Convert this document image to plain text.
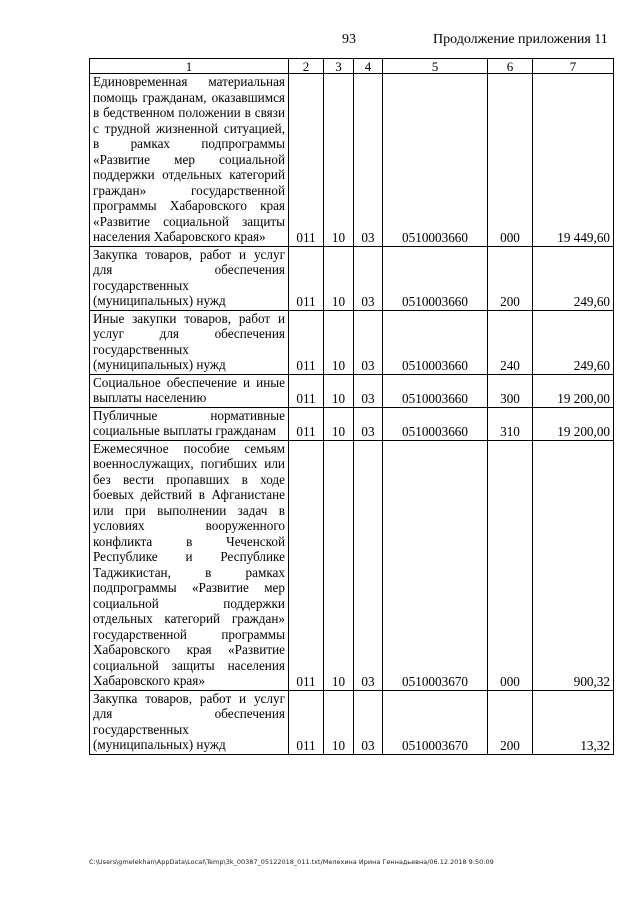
93	Продолжение приложения 11
1	2	3	4	5	6	7
Единовременная материальная помощь гражданам, оказавшимся в бедственном положении в связи с трудной жизненной ситуацией, в рамках подпрограммы «Развитие мер социальной поддержки отдельных категорий граждан» государственной программы Хабаровского края «Развитие социальной защиты населения Хабаровского края»	011	10	03	0510003660	000	19 449,60
Закупка товаров, работ и услуг для обеспечения государственных (муниципальных) нужд	011	10	03	0510003660	200	249,60
Иные закупки товаров, работ и услуг для обеспечения государственных (муниципальных) нужд	011	10	03	0510003660	240	249,60
Социальное обеспечение и иные выплаты населению	011	10	03	0510003660	300	19 200,00
Публичные нормативные социальные выплаты гражданам	011	10	03	0510003660	310	19 200,00
Ежемесячное пособие семьям военнослужащих, погибших или без вести пропавших в ходе боевых действий в Афганистане или при выполнении задач в условиях вооруженного конфликта в Чеченской Республике и Республике Таджикистан, в рамках подпрограммы «Развитие мер социальной поддержки отдельных категорий граждан» государственной программы Хабаровского края «Развитие социальной защиты населения Хабаровского края»	011	10	03	0510003670	000	900,32
Закупка товаров, работ и услуг для обеспечения государственных (муниципальных) нужд	011	10	03	0510003670	200	13,32
C:\Users\gmelekhan\AppData\Local\Temp\3k_00387_05122018_011.txt/Мелехина Ирина Геннадьевна/06.12.2018 9:50:09
